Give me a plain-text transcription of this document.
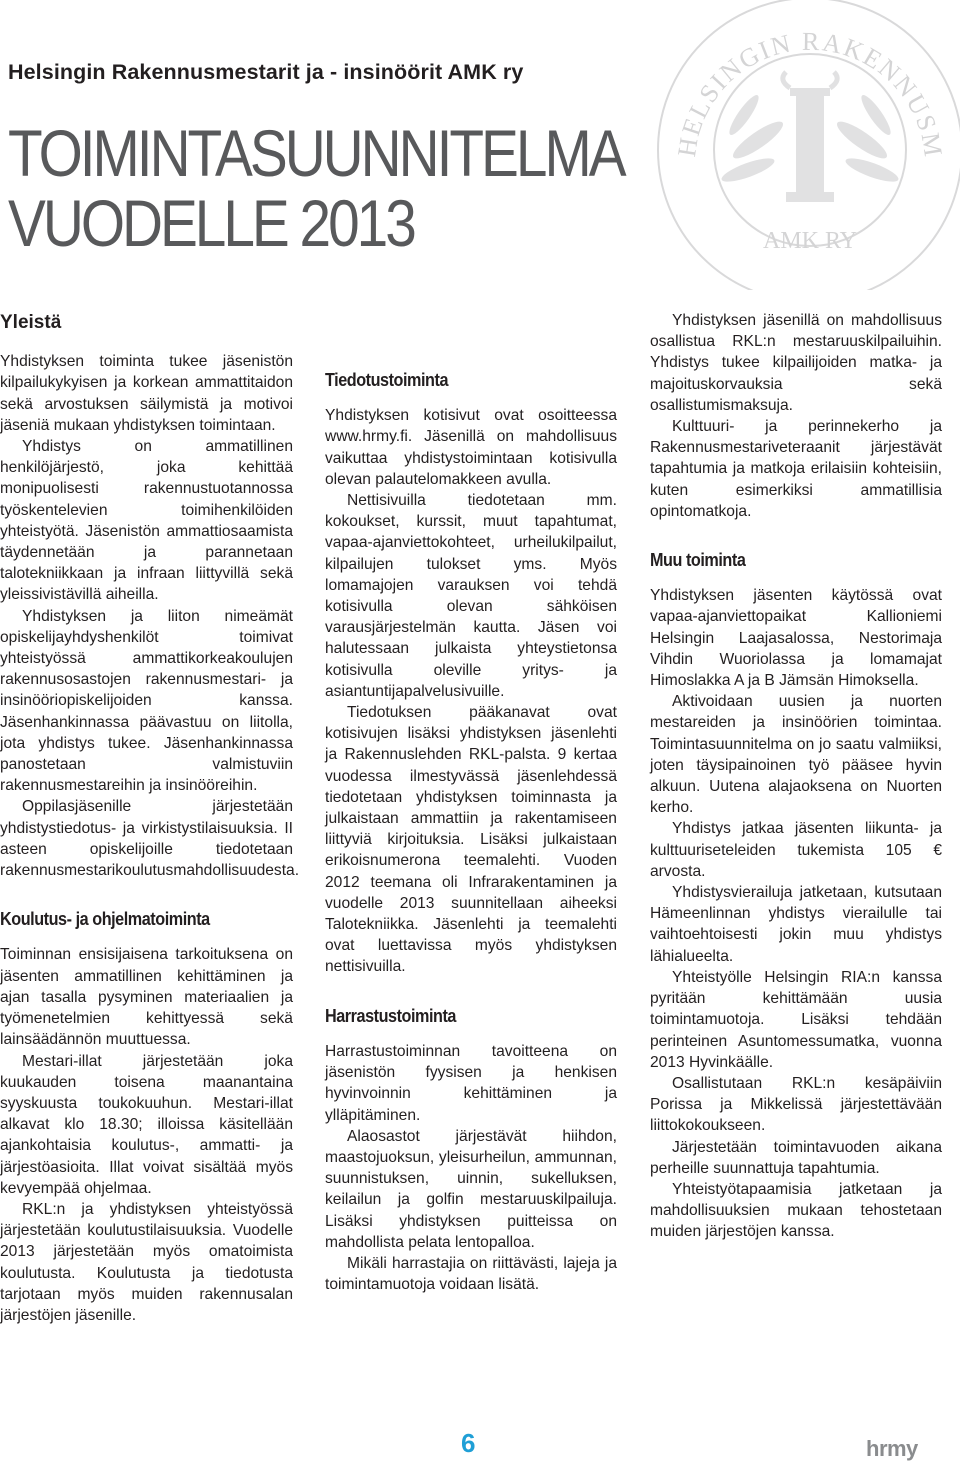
Helsingin Rakennusmestarit ja - insinöörit AMK ry
TOIMINTASUUNNITELMA
VUODELLE 2013
HELSINGIN RAKENNUSM
AMK RY
Yleistä

Yhdistyksen toiminta tukee jäsenistön kilpailukykyisen ja korkean ammattitaidon sekä arvostuksen säilymistä ja motivoi jäseniä mukaan yhdistyksen toimintaan.

Yhdistys on ammatillinen henkilöjärjestö, joka kehittää monipuolisesti rakennustuotannossa työskentelevien toimihenkilöiden yhteistyötä. Jäsenistön ammattiosaamista täydennetään ja parannetaan talotekniikkaan ja infraan liittyvillä sekä yleissivistävillä aiheilla.

Yhdistyksen ja liiton nimeämät opiskelijayhdyshenkilöt toimivat yhteistyössä ammattikorkeakoulujen rakennusosastojen rakennusmestari- ja insinööriopiskelijoiden kanssa. Jäsenhankinnassa päävastuu on liitolla, jota yhdistys tukee. Jäsenhankinnassa panostetaan valmistuviin rakennusmestareihin ja insinööreihin.

Oppilasjäsenille järjestetään yhdistystiedotus- ja virkistystilaisuuksia. II asteen opiskelijoille tiedotetaan rakennusmestarikoulutusmahdollisuudesta.

Koulutus- ja ohjelmatoiminta

Toiminnan ensisijaisena tarkoituksena on jäsenten ammatillinen kehittäminen ja ajan tasalla pysyminen materiaalien ja työmenetelmien kehittyessä sekä lainsäädännön muuttuessa.

Mestari-illat järjestetään joka kuukauden toisena maanantaina syyskuusta toukokuuhun. Mestari-illat alkavat klo 18.30; illoissa käsitellään ajankohtaisia koulutus-, ammatti- ja järjestöasioita. Illat voivat sisältää myös kevyempää ohjelmaa.

RKL:n ja yhdistyksen yhteistyössä järjestetään koulutustilaisuuksia. Vuodelle 2013 järjestetään myös omatoimista koulutusta. Koulutusta ja tiedotusta tarjotaan myös muiden rakennusalan järjestöjen jäsenille.

Tiedotustoiminta

Yhdistyksen kotisivut ovat osoitteessa www.hrmy.fi. Jäsenillä on mahdollisuus vaikuttaa yhdistystoimintaan kotisivulla olevan palautelomakkeen avulla.

Nettisivuilla tiedotetaan mm. kokoukset, kurssit, muut tapahtumat, vapaa-ajanviettokohteet, urheilukilpailut, kilpailujen tulokset yms. Myös lomamajojen varauksen voi tehdä kotisivulla olevan sähköisen varausjärjestelmän kautta. Jäsen voi halutessaan julkaista yhteystietonsa kotisivulla oleville yritys- ja asiantuntijapalvelusivuille.

Tiedotuksen pääkanavat ovat kotisivujen lisäksi yhdistyksen jäsenlehti ja Rakennuslehden RKL-palsta. 9 kertaa vuodessa ilmestyvässä jäsenlehdessä tiedotetaan yhdistyksen toiminnasta ja julkaistaan ammattiin ja rakentamiseen liittyviä kirjoituksia. Lisäksi julkaistaan erikoisnumerona teemalehti. Vuoden 2012 teemana oli Infrarakentaminen ja vuodelle 2013 suunnitellaan aiheeksi Talotekniikka. Jäsenlehti ja teemalehti ovat luettavissa myös yhdistyksen nettisivuilla.

Harrastustoiminta

Harrastustoiminnan tavoitteena on jäsenistön fyysisen ja henkisen hyvinvoinnin kehittäminen ja ylläpitäminen.

Alaosastot järjestävät hiihdon, maastojuoksun, yleisurheilun, ammunnan, suunnistuksen, uinnin, sukelluksen, keilailun ja golfin mestaruuskilpailuja. Lisäksi yhdistyksen puitteissa on mahdollista pelata lentopalloa.

Mikäli harrastajia on riittävästi, lajeja ja toimintamuotoja voidaan lisätä.

Yhdistyksen jäsenillä on mahdollisuus osallistua RKL:n mestaruuskilpailuihin. Yhdistys tukee kilpailijoiden matka- ja majoituskorvauksia sekä osallistumismaksuja.

Kulttuuri- ja perinnekerho ja Rakennusmestariveteraanit järjestävät tapahtumia ja matkoja erilaisiin kohteisiin, kuten esimerkiksi ammatillisia opintomatkoja.

Muu toiminta

Yhdistyksen jäsenten käytössä ovat vapaa-ajanviettopaikat Kallioniemi Helsingin Laajasalossa, Nestorimaja Vihdin Wuoriolassa ja lomamajat Himoslakka A ja B Jämsän Himoksella.

Aktivoidaan uusien ja nuorten mestareiden ja insinöörien toimintaa. Toimintasuunnitelma on jo saatu valmiiksi, joten täysipainoinen työ pääsee hyvin alkuun. Uutena alajaoksena on Nuorten kerho.

Yhdistys jatkaa jäsenten liikunta- ja kulttuuriseteleiden tukemista 105 € arvosta.

Yhdistysvierailuja jatketaan, kutsutaan Hämeenlinnan yhdistys vierailulle tai vaihtoehtoisesti jokin muu yhdistys lähialueelta.

Yhteistyölle Helsingin RIA:n kanssa pyritään kehittämään uusia toimintamuotoja. Lisäksi tehdään perinteinen Asuntomessumatka, vuonna 2013 Hyvinkäälle.

Osallistutaan RKL:n kesäpäiviin Porissa ja Mikkelissä järjestettävään liittokokoukseen.

Järjestetään toimintavuoden aikana perheille suunnattuja tapahtumia.

Yhteistyötapaamisia jatketaan ja mahdollisuuksien mukaan tehostetaan muiden järjestöjen kanssa.

6	hrmy
